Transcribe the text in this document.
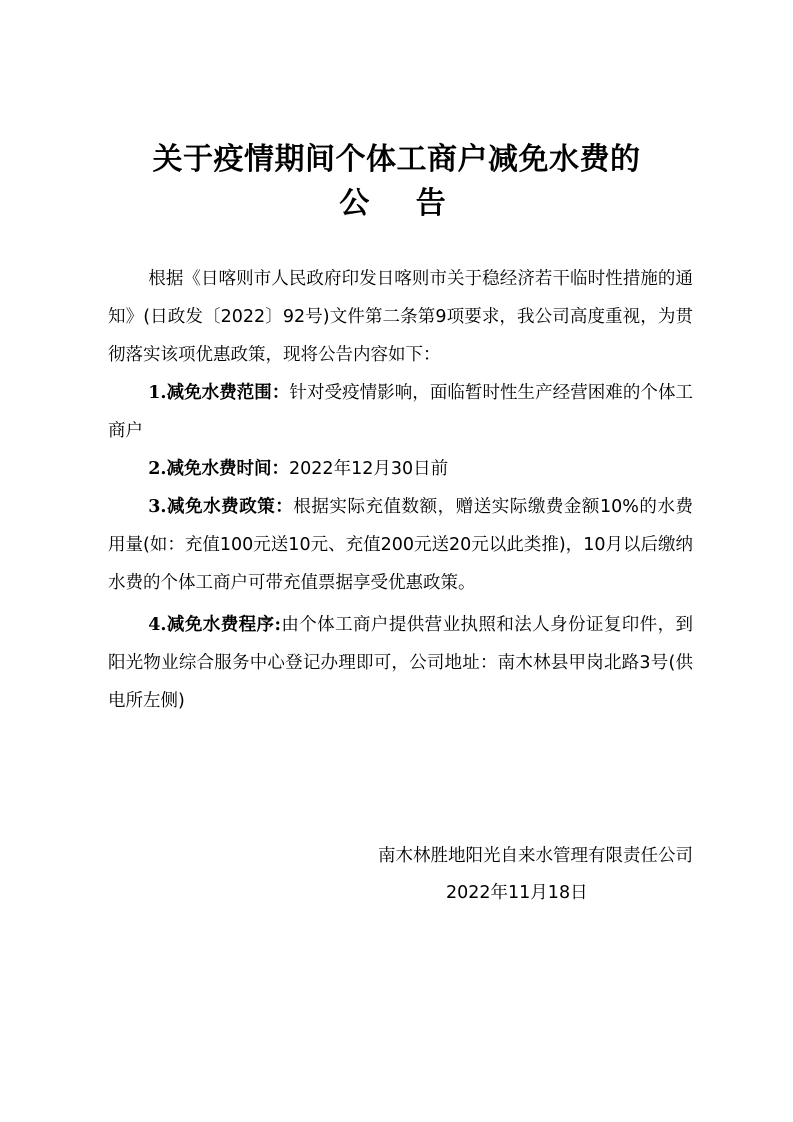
关于疫情期间个体工商户减免水费的
公 告

根据《日喀则市人民政府印发日喀则市关于稳经济若干临时性措施的通知》(日政发〔2022〕92号)文件第二条第9项要求，我公司高度重视，为贯彻落实该项优惠政策，现将公告内容如下：

1.减免水费范围：针对受疫情影响，面临暂时性生产经营困难的个体工商户

2.减免水费时间：2022年12月30日前

3.减免水费政策：根据实际充值数额，赠送实际缴费金额10%的水费用量(如：充值100元送10元、充值200元送20元以此类推)，10月以后缴纳水费的个体工商户可带充值票据享受优惠政策。

4.减免水费程序:由个体工商户提供营业执照和法人身份证复印件，到阳光物业综合服务中心登记办理即可，公司地址：南木林县甲岗北路3号(供电所左侧)

南木林胜地阳光自来水管理有限责任公司
2022年11月18日
